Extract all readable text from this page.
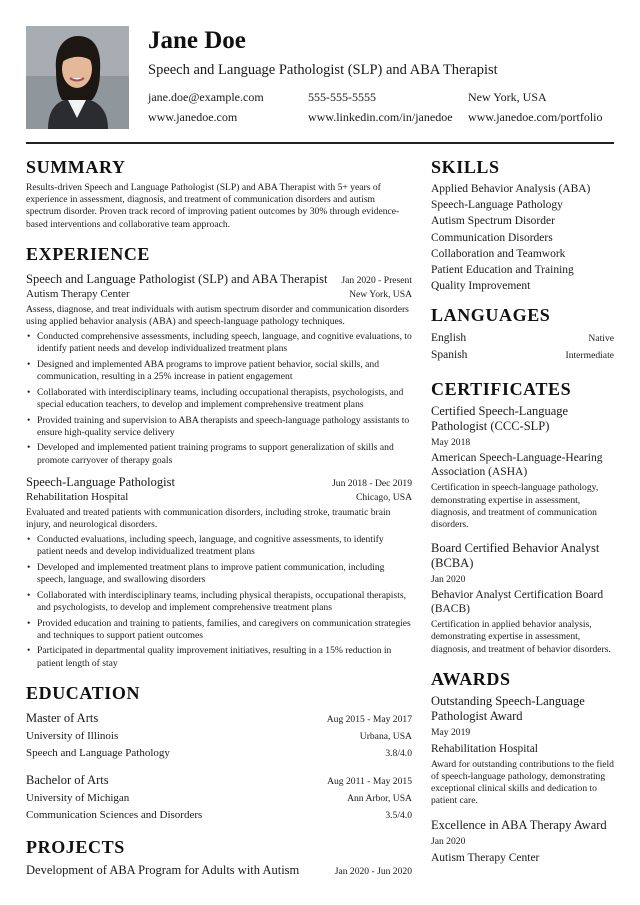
Jane Doe
Speech and Language Pathologist (SLP) and ABA Therapist
jane.doe@example.com	555-555-5555	New York, USA
www.janedoe.com	www.linkedin.com/in/janedoe	www.janedoe.com/portfolio
SUMMARY

Results-driven Speech and Language Pathologist (SLP) and ABA Therapist with 5+ years of experience in assessment, diagnosis, and treatment of communication disorders and autism spectrum disorder. Proven track record of improving patient outcomes by 30% through evidence-based interventions and collaborative team approach.

EXPERIENCE
Speech and Language Pathologist (SLP) and ABA Therapist Jan 2020 - Present
Autism Therapy Center	New York, USA

Assess, diagnose, and treat individuals with autism spectrum disorder and communication disorders using applied behavior analysis (ABA) and speech-language pathology techniques.

• Conducted comprehensive assessments, including speech, language, and cognitive evaluations, to identify patient needs and develop individualized treatment plans
• Designed and implemented ABA programs to improve patient behavior, social skills, and communication, resulting in a 25% increase in patient engagement
• Collaborated with interdisciplinary teams, including occupational therapists, psychologists, and special education teachers, to develop and implement comprehensive treatment plans
• Provided training and supervision to ABA therapists and speech-language pathology assistants to ensure high-quality service delivery
• Developed and implemented patient training programs to support generalization of skills and promote carryover of therapy goals
Speech-Language Pathologist	Jun 2018 - Dec 2019
Rehabilitation Hospital	Chicago, USA

Evaluated and treated patients with communication disorders, including stroke, traumatic brain injury, and neurological disorders.

• Conducted evaluations, including speech, language, and cognitive assessments, to identify patient needs and develop individualized treatment plans
• Developed and implemented treatment plans to improve patient communication, including speech, language, and swallowing disorders
• Collaborated with interdisciplinary teams, including physical therapists, occupational therapists, and psychologists, to develop and implement comprehensive treatment plans
• Provided education and training to patients, families, and caregivers on communication strategies and techniques to support patient outcomes
• Participated in departmental quality improvement initiatives, resulting in a 15% reduction in patient length of stay
EDUCATION
Master of Arts	Aug 2015 - May 2017
University of Illinois	Urbana, USA
Speech and Language Pathology	3.8/4.0
Bachelor of Arts	Aug 2011 - May 2015
University of Michigan	Ann Arbor, USA
Communication Sciences and Disorders	3.5/4.0
PROJECTS
Development of ABA Program for Adults with Autism	Jan 2020 - Jun 2020
SKILLS
Applied Behavior Analysis (ABA)
Speech-Language Pathology
Autism Spectrum Disorder
Communication Disorders
Collaboration and Teamwork
Patient Education and Training
Quality Improvement
LANGUAGES
English	Native
Spanish	Intermediate
CERTIFICATES
Certified Speech-Language Pathologist (CCC-SLP)
May 2018
American Speech-Language-Hearing Association (ASHA)
Certification in speech-language pathology, demonstrating expertise in assessment, diagnosis, and treatment of communication disorders.
Board Certified Behavior Analyst (BCBA)
Jan 2020
Behavior Analyst Certification Board (BACB)
Certification in applied behavior analysis, demonstrating expertise in assessment, diagnosis, and treatment of behavior disorders.
AWARDS
Outstanding Speech-Language Pathologist Award
May 2019
Rehabilitation Hospital
Award for outstanding contributions to the field of speech-language pathology, demonstrating exceptional clinical skills and dedication to patient care.
Excellence in ABA Therapy Award
Jan 2020
Autism Therapy Center
